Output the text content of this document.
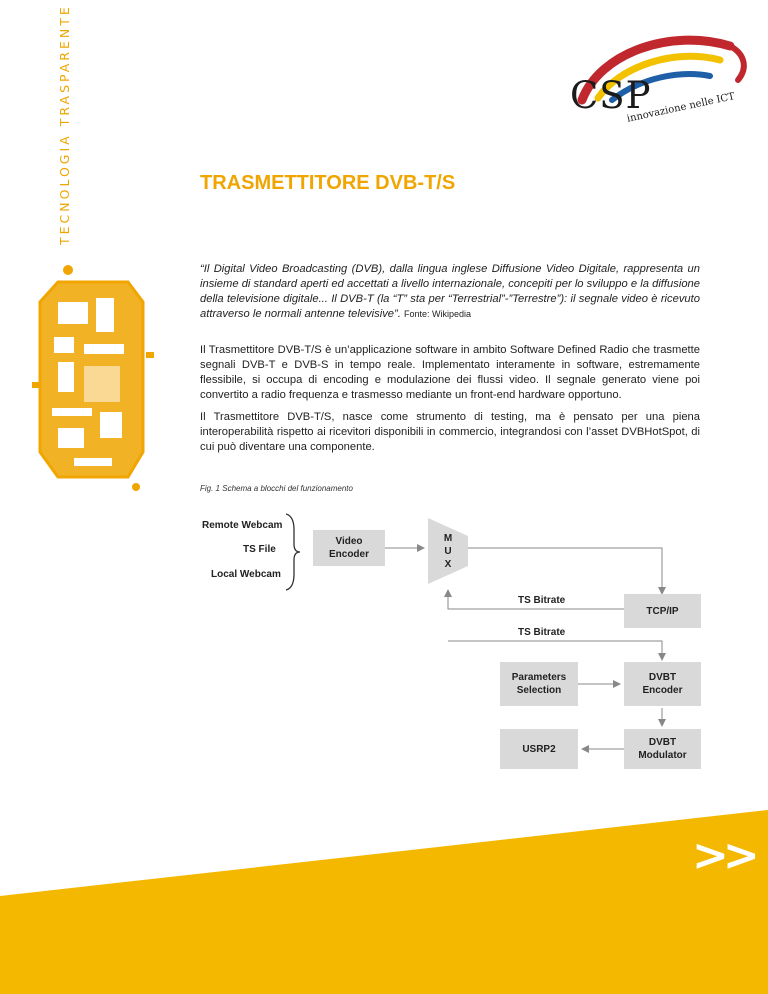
TECNOLOGIA TRASPARENTE	CSP
innovazione nelle ICT
TRASMETTITORE DVB-T/S

“Il Digital Video Broadcasting (DVB), dalla lingua inglese Diffusione Video Digitale, rappresenta un insieme di standard aperti ed accettati a livello internazionale, concepiti per lo sviluppo e la diffusione della televisione digitale... Il DVB-T (la “T” sta per “Terrestrial”-”Terrestre”): il segnale video è ricevuto attraverso le normali antenne televisive”. Fonte: Wikipedia

Il Trasmettitore DVB-T/S è un’applicazione software in ambito Software Defined Radio che trasmette segnali DVB-T e DVB-S in tempo reale. Implementato interamente in software, estremamente flessibile, si occupa di encoding e modulazione dei flussi video. Il segnale generato viene poi convertito a radio frequenza e trasmesso mediante un front-end hardware opportuno.

Il Trasmettitore DVB-T/S, nasce come strumento di testing, ma è pensato per una piena interoperabilità rispetto ai ricevitori disponibili in commercio, integrandosi con l’asset DVBHotSpot, di cui può diventare una componente.

Fig. 1 Schema a blocchi del funzionamento

Remote Webcam
TS File
Local Webcam
Video
Encoder
M
U
X
TS Bitrate
TCP/IP
TS Bitrate
Parameters
Selection
DVBT
Encoder
USRP2
DVBT
Modulator
>>
